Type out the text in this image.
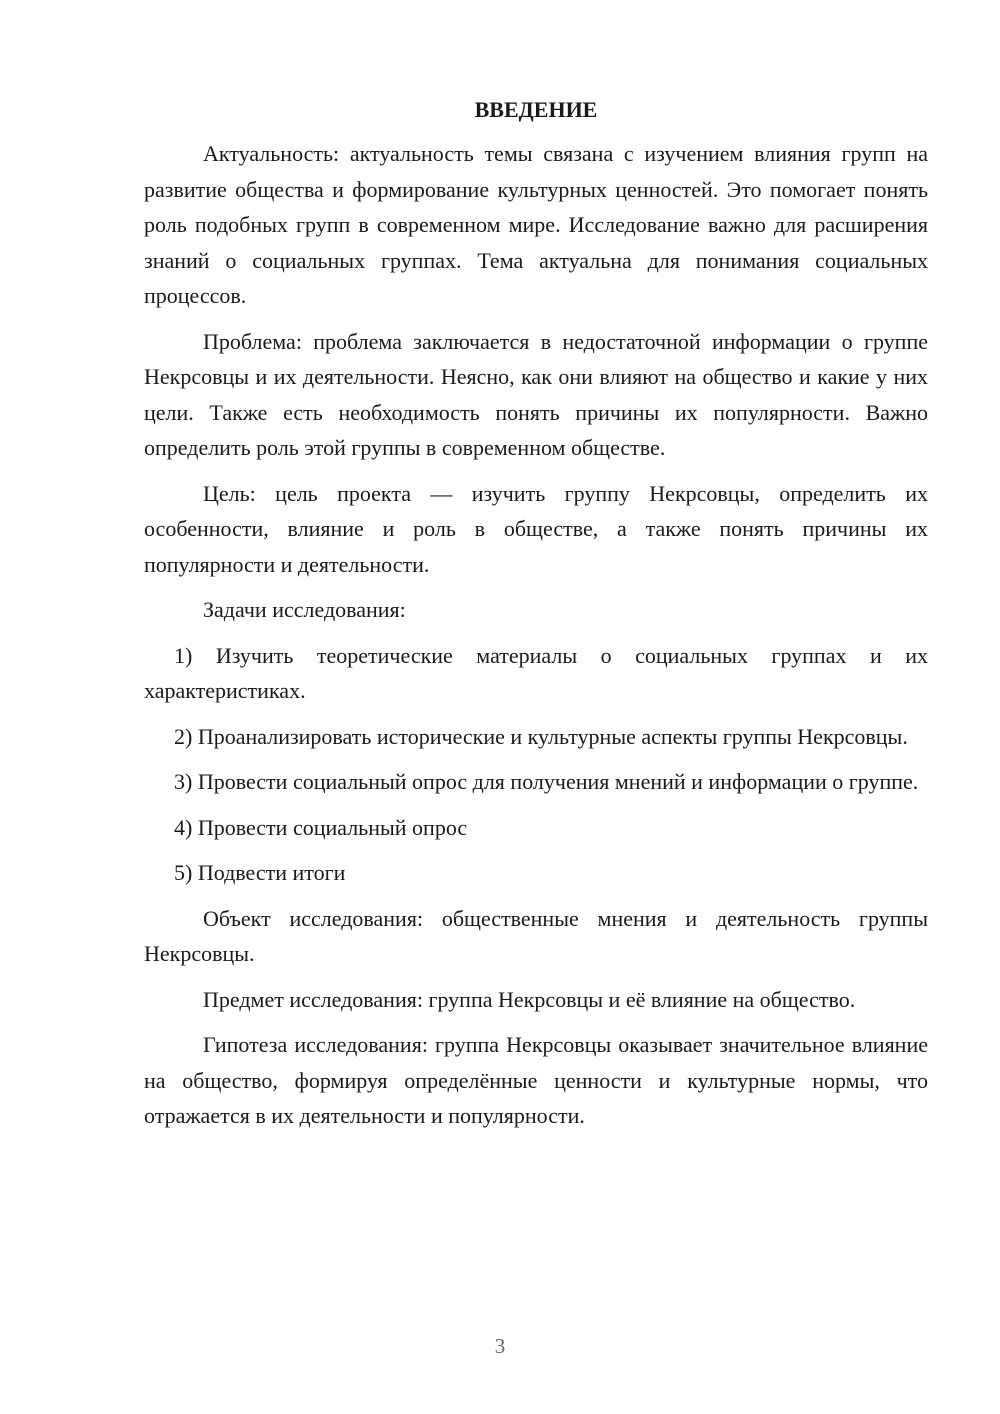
ВВЕДЕНИЕ

Актуальность: актуальность темы связана с изучением влияния групп на развитие общества и формирование культурных ценностей. Это помогает понять роль подобных групп в современном мире. Исследование важно для расширения знаний о социальных группах. Тема актуальна для понимания социальных процессов.

Проблема: проблема заключается в недостаточной информации о группе Некрсовцы и их деятельности. Неясно, как они влияют на общество и какие у них цели. Также есть необходимость понять причины их популярности. Важно определить роль этой группы в современном обществе.

Цель: цель проекта — изучить группу Некрсовцы, определить их особенности, влияние и роль в обществе, а также понять причины их популярности и деятельности.

Задачи исследования:

1) Изучить теоретические материалы о социальных группах и их характеристиках.

2) Проанализировать исторические и культурные аспекты группы Некрсовцы.

3) Провести социальный опрос для получения мнений и информации о группе.

4) Провести социальный опрос

5) Подвести итоги

Объект исследования: общественные мнения и деятельность группы Некрсовцы.

Предмет исследования: группа Некрсовцы и её влияние на общество.

Гипотеза исследования: группа Некрсовцы оказывает значительное влияние на общество, формируя определённые ценности и культурные нормы, что отражается в их деятельности и популярности.

3
